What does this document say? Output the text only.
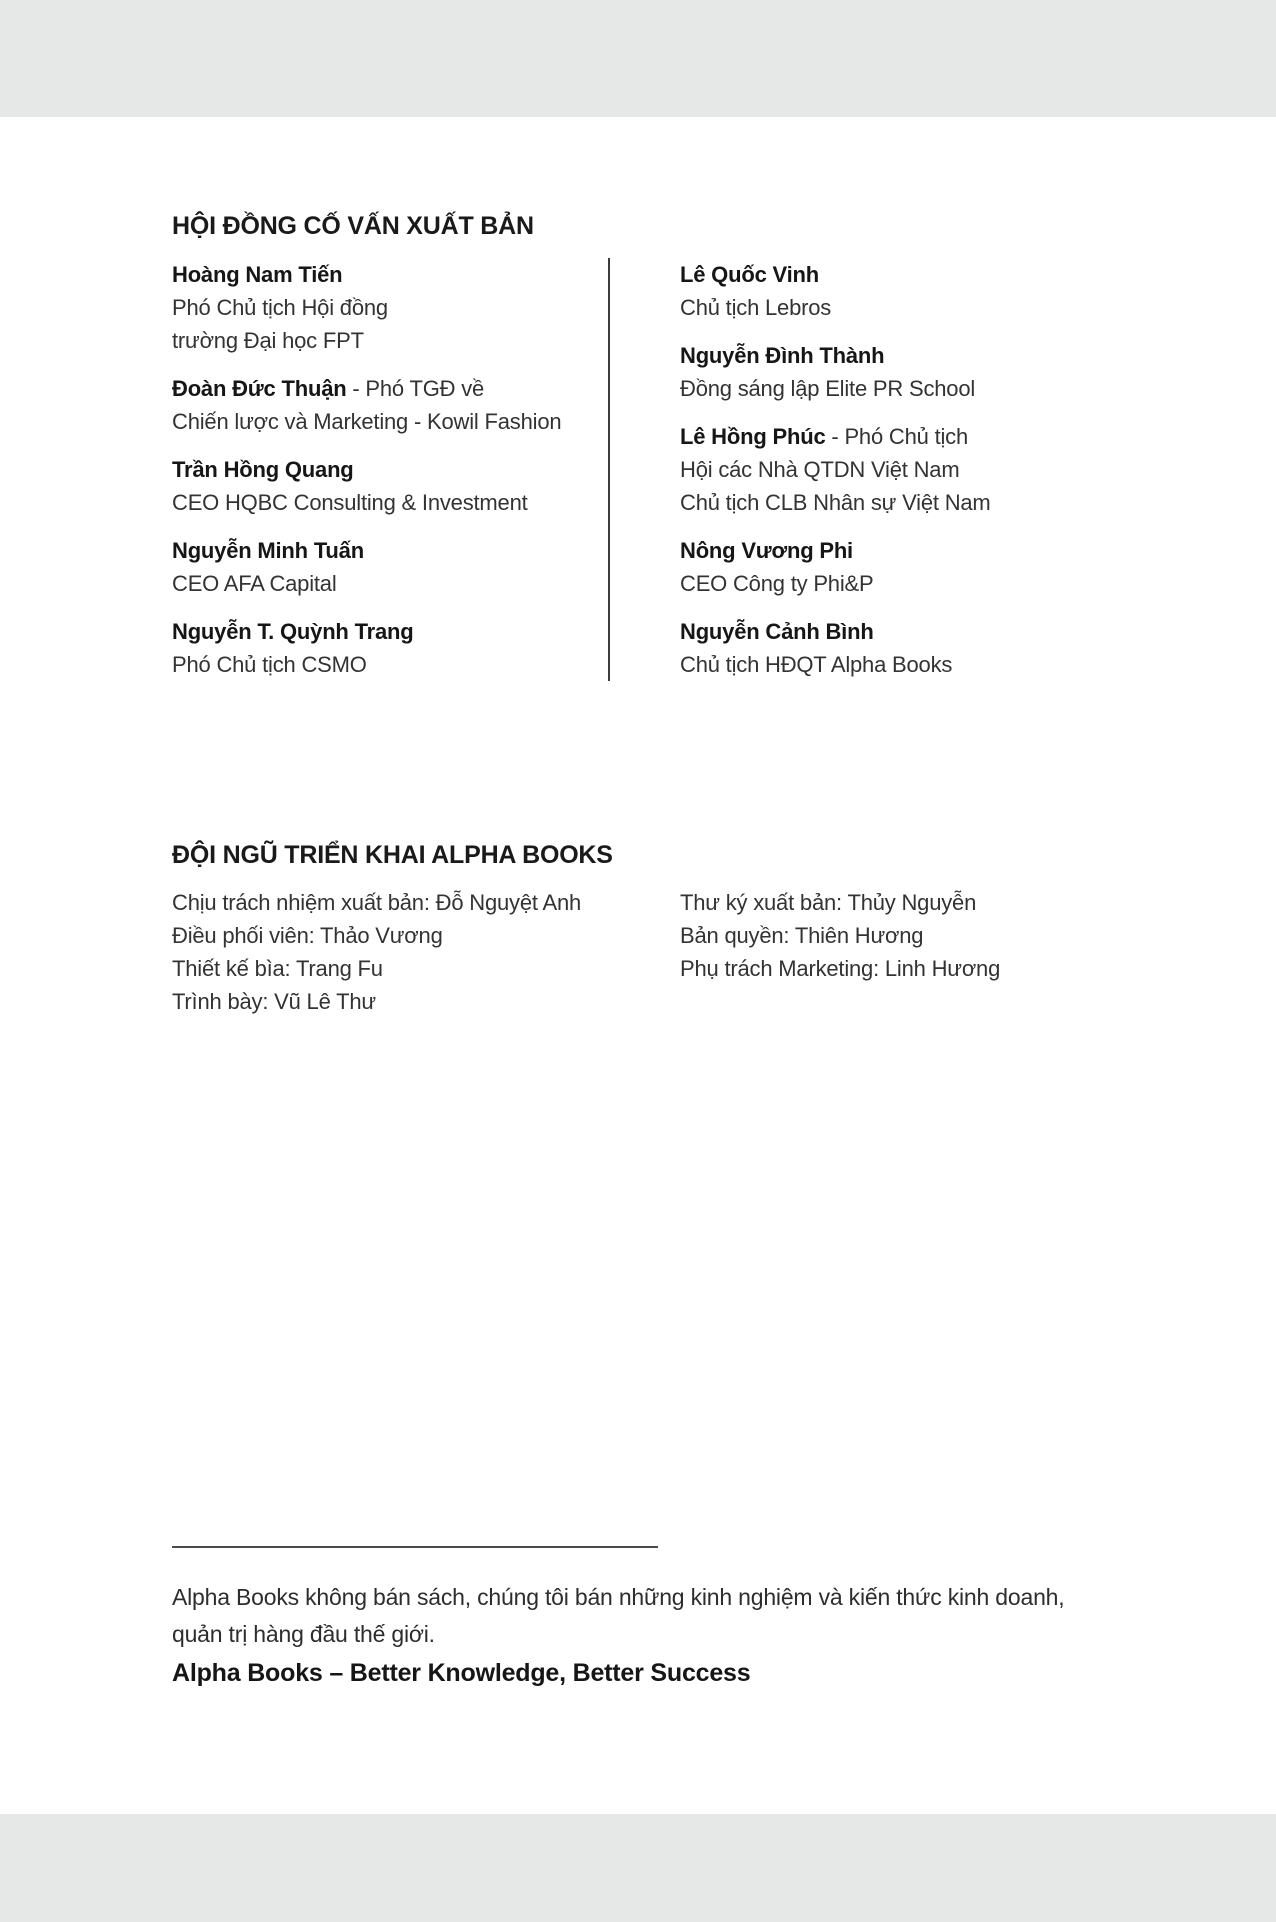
HỘI ĐỒNG CỐ VẤN XUẤT BẢN
Hoàng Nam Tiến
Phó Chủ tịch Hội đồng
trường Đại học FPT
Đoàn Đức Thuận - Phó TGĐ về
Chiến lược và Marketing - Kowil Fashion
Trần Hồng Quang
CEO HQBC Consulting & Investment
Nguyễn Minh Tuấn
CEO AFA Capital
Nguyễn T. Quỳnh Trang
Phó Chủ tịch CSMO
Lê Quốc Vinh
Chủ tịch Lebros
Nguyễn Đình Thành
Đồng sáng lập Elite PR School
Lê Hồng Phúc - Phó Chủ tịch
Hội các Nhà QTDN Việt Nam
Chủ tịch CLB Nhân sự Việt Nam
Nông Vương Phi
CEO Công ty Phi&P
Nguyễn Cảnh Bình
Chủ tịch HĐQT Alpha Books
ĐỘI NGŨ TRIỂN KHAI ALPHA BOOKS
Chịu trách nhiệm xuất bản: Đỗ Nguyệt Anh
Điều phối viên: Thảo Vương
Thiết kế bìa: Trang Fu
Trình bày: Vũ Lê Thư
Thư ký xuất bản: Thủy Nguyễn
Bản quyền: Thiên Hương
Phụ trách Marketing: Linh Hương

Alpha Books không bán sách, chúng tôi bán những kinh nghiệm và kiến thức kinh doanh,
quản trị hàng đầu thế giới.

Alpha Books – Better Knowledge, Better Success
